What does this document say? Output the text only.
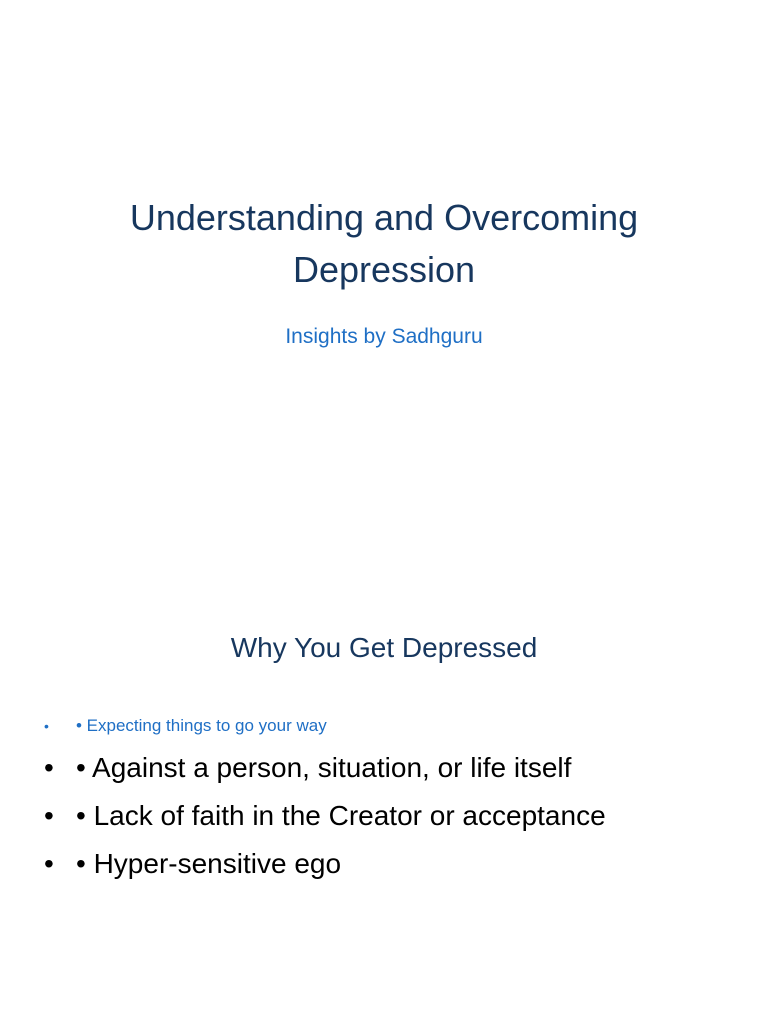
Understanding and Overcoming
Depression

Insights by Sadhguru

Why You Get Depressed
• • Expecting things to go your way
• • Against a person, situation, or life itself
• • Lack of faith in the Creator or acceptance
• • Hyper-sensitive ego
